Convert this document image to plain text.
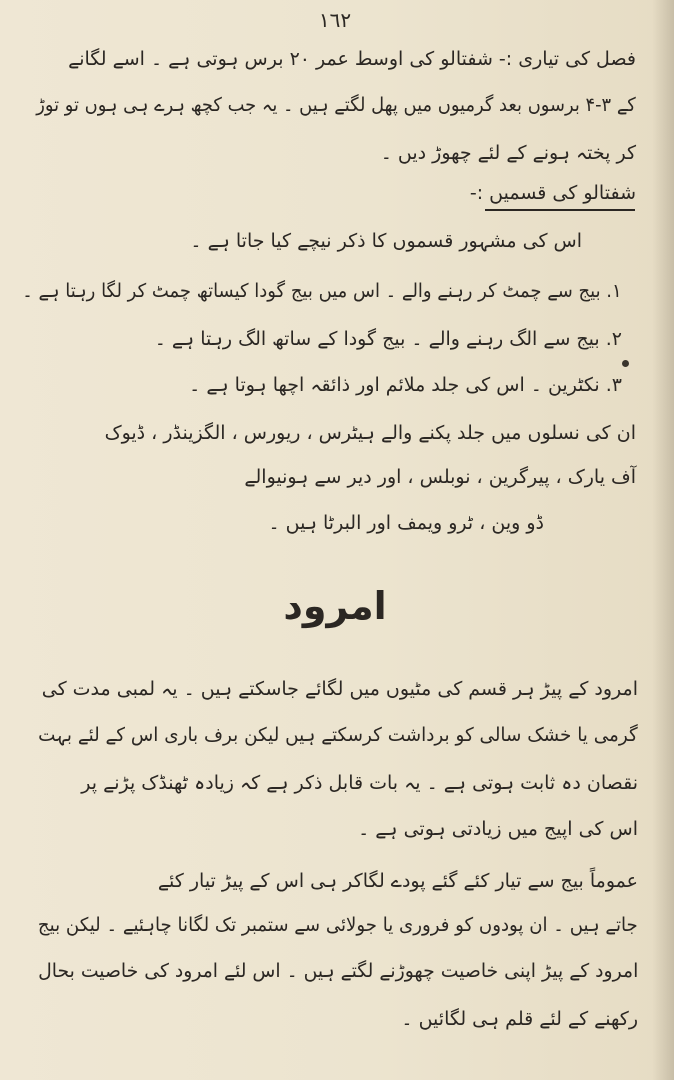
١٦٢
فصل کی تیاری :- شفتالو کی اوسط عمر ۲۰ برس ہوتی ہے ۔ اسے لگانے
کے ۳-۴ برسوں بعد گرمیوں میں پھل لگتے ہیں ۔ یہ جب کچھ ہرے ہی ہوں تو توڑ
کر پختہ ہونے کے لئے چھوڑ دیں ۔
شفتالو کی قسمیں :-
اس کی مشہور قسموں کا ذکر نیچے کیا جاتا ہے ۔
۱. بیج سے چمٹ کر رہنے والے ۔ اس میں بیج گودا کیساتھ چمٹ کر لگا رہتا ہے ۔
۲. بیج سے الگ رہنے والے ۔ بیج گودا کے ساتھ الگ رہتا ہے ۔
۳. نکٹرین ۔ اس کی جلد ملائم اور ذائقہ اچھا ہوتا ہے ۔
ان کی نسلوں میں جلد پکنے والے ہیٹرس ، ریورس ، الگزینڈر ، ڈیوک
آف یارک ، پیرگرین ، نوبلس ، اور دیر سے ہونیوالے
ڈو وین ، ٹرو ویمف اور البرٹا ہیں ۔
امرود
امرود کے پیڑ ہر قسم کی مٹیوں میں لگائے جاسکتے ہیں ۔ یہ لمبی مدت کی
گرمی یا خشک سالی کو برداشت کرسکتے ہیں لیکن برف باری اس کے لئے بہت
نقصان دہ ثابت ہوتی ہے ۔ یہ بات قابل ذکر ہے کہ زیادہ ٹھنڈک پڑنے پر
اس کی اپیج میں زیادتی ہوتی ہے ۔
عموماً بیج سے تیار کئے گئے پودے لگاکر ہی اس کے پیڑ تیار کئے
جاتے ہیں ۔ ان پودوں کو فروری یا جولائی سے ستمبر تک لگانا چاہئیے ۔ لیکن بیج
امرود کے پیڑ اپنی خاصیت چھوڑنے لگتے ہیں ۔ اس لئے امرود کی خاصیت بحال
رکھنے کے لئے قلم ہی لگائیں ۔
